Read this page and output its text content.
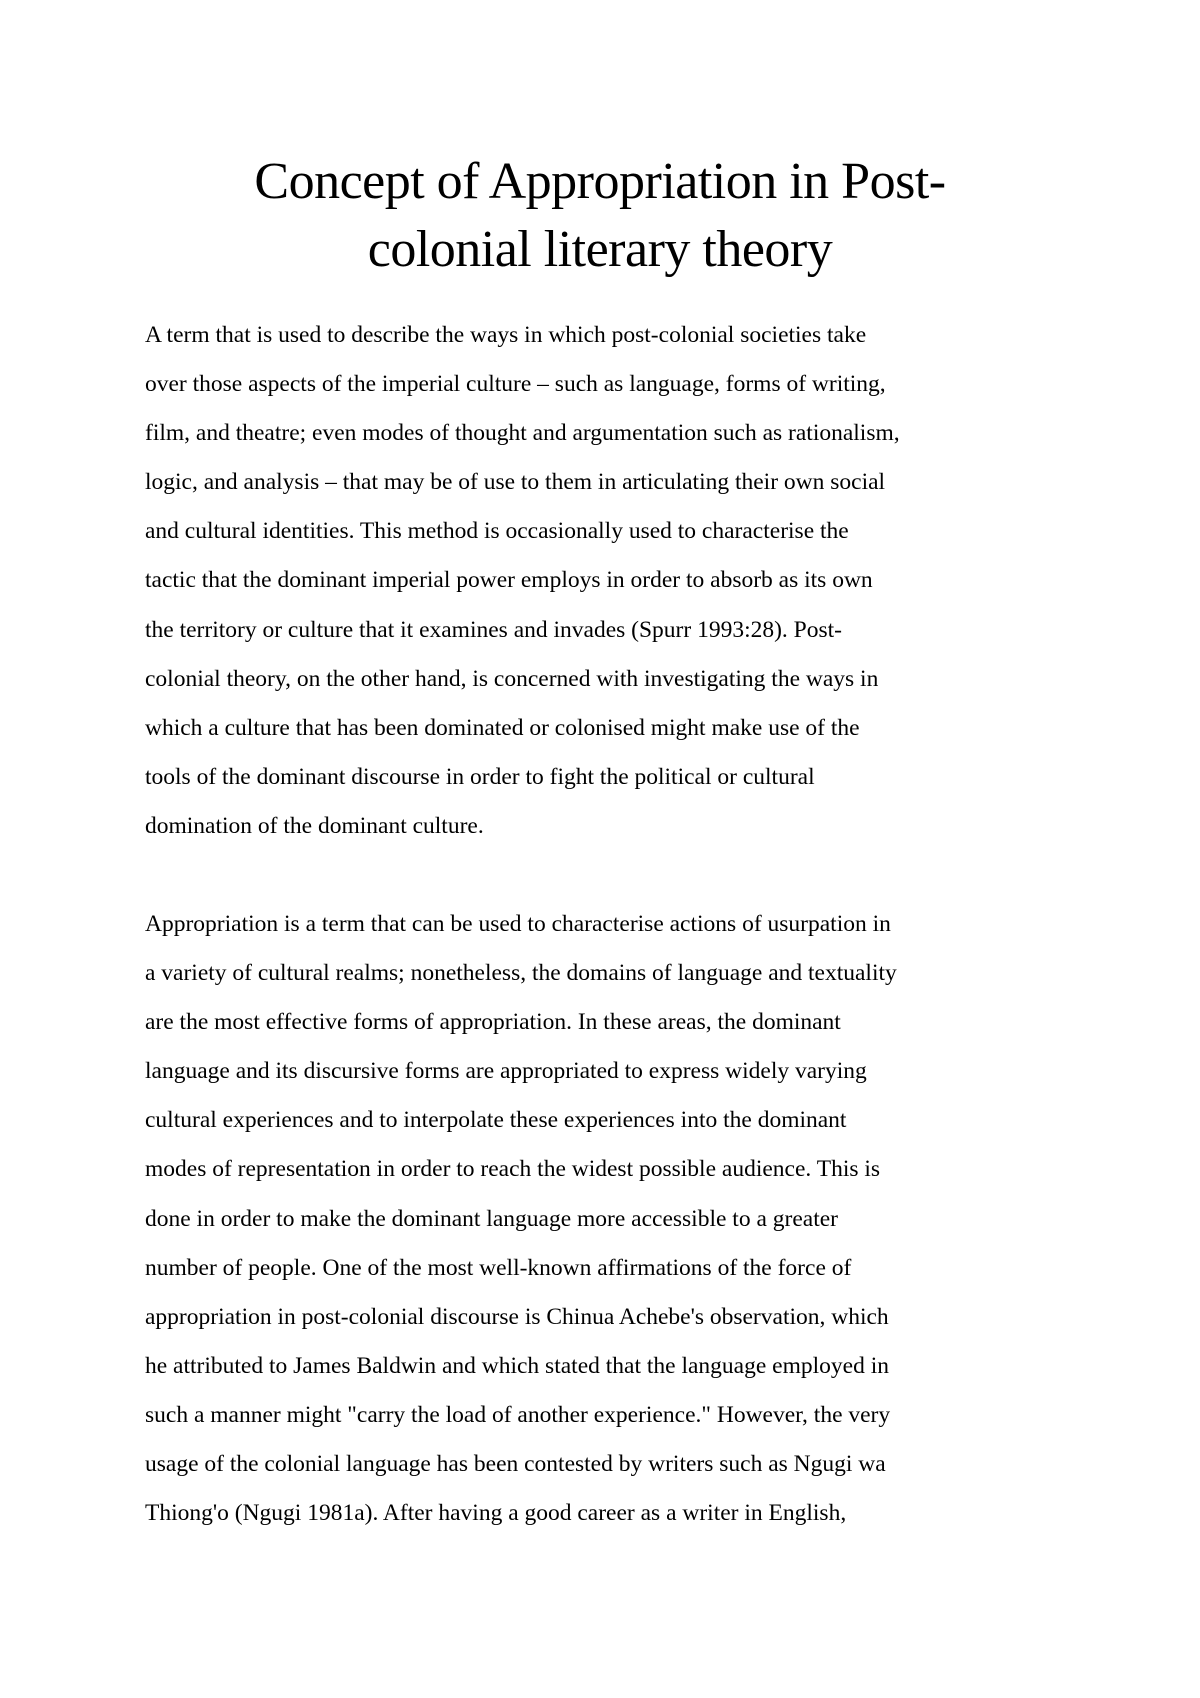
Concept of Appropriation in Post-
colonial literary theory
A term that is used to describe the ways in which post-colonial societies take
over those aspects of the imperial culture – such as language, forms of writing,
film, and theatre; even modes of thought and argumentation such as rationalism,
logic, and analysis – that may be of use to them in articulating their own social
and cultural identities. This method is occasionally used to characterise the
tactic that the dominant imperial power employs in order to absorb as its own
the territory or culture that it examines and invades (Spurr 1993:28). Post-
colonial theory, on the other hand, is concerned with investigating the ways in
which a culture that has been dominated or colonised might make use of the
tools of the dominant discourse in order to fight the political or cultural
domination of the dominant culture.
Appropriation is a term that can be used to characterise actions of usurpation in
a variety of cultural realms; nonetheless, the domains of language and textuality
are the most effective forms of appropriation. In these areas, the dominant
language and its discursive forms are appropriated to express widely varying
cultural experiences and to interpolate these experiences into the dominant
modes of representation in order to reach the widest possible audience. This is
done in order to make the dominant language more accessible to a greater
number of people. One of the most well-known affirmations of the force of
appropriation in post-colonial discourse is Chinua Achebe's observation, which
he attributed to James Baldwin and which stated that the language employed in
such a manner might "carry the load of another experience." However, the very
usage of the colonial language has been contested by writers such as Ngugi wa
Thiong'o (Ngugi 1981a). After having a good career as a writer in English,
